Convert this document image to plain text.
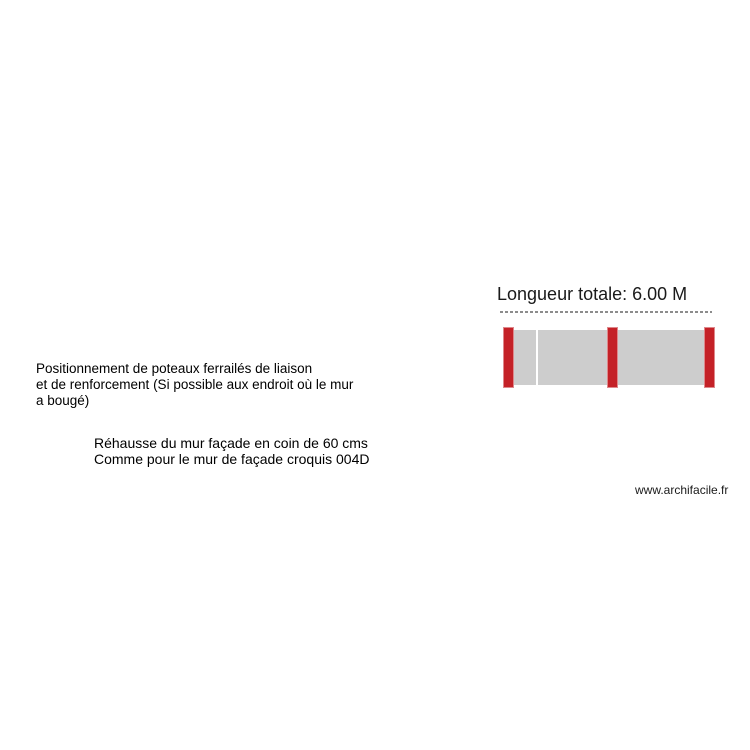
Longueur totale: 6.00 M
Positionnement de poteaux ferrailés de liaison
et de renforcement (Si possible aux endroit où le mur
a bougé)
Réhausse du mur façade en coin de 60 cms
Comme pour le mur de façade croquis 004D
www.archifacile.fr
